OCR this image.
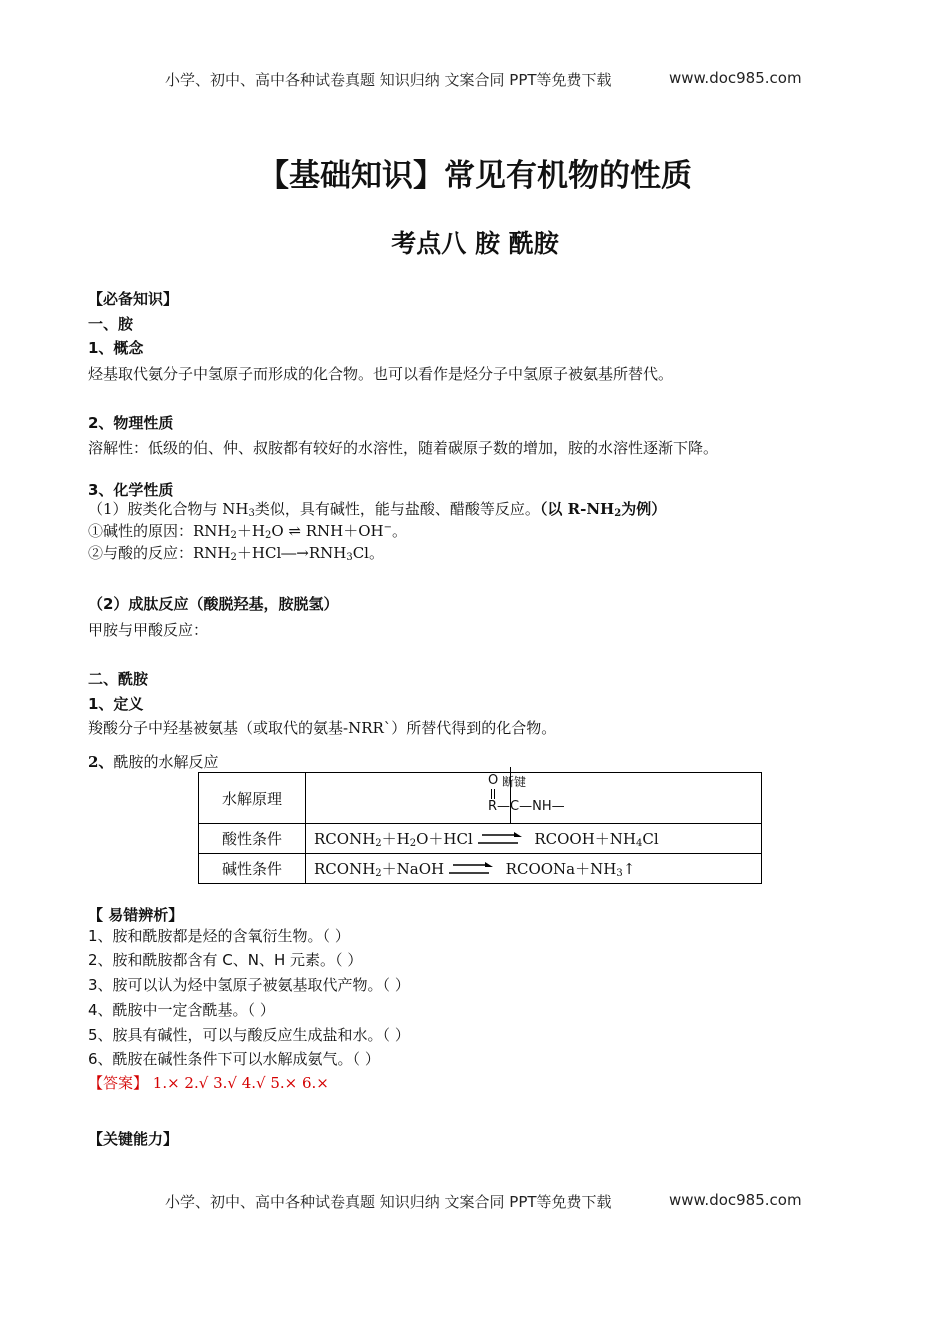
小学、初中、高中各种试卷真题 知识归纳 文案合同 PPT等免费下载	www.doc985.com
【基础知识】常见有机物的性质
考点八 胺 酰胺
【必备知识】
一、胺
1、概念
烃基取代氨分子中氢原子而形成的化合物。也可以看作是烃分子中氢原子被氨基所替代。
2、物理性质
溶解性：低级的伯、仲、叔胺都有较好的水溶性，随着碳原子数的增加，胺的水溶性逐渐下降。
3、化学性质
（1）胺类化合物与 $NH_3$类似，具有碱性，能与盐酸、醋酸等反应。（以 $R-NH_2$为例）
①碱性的原因：$RNH_2+H_2O$ ⇌ RNH＋OH−。
②与酸的反应：$RNH_2+HCl―\to RNH_3Cl$。
（2）成肽反应（酸脱羟基，胺脱氢）
甲胺与甲酸反应：
二、酰胺
1、定义
羧酸分子中羟基被氨基（或取代的氨基-NRR`）所替代得到的化合物。
2、酰胺的水解反应
水解原理	O 断键
R—C—NH—

酸性条件	$RCONH_2+H_2O+HCl$ $RCOOH+NH_4Cl$
碱性条件	$RCONH_2+NaOH$ $RCOONa+NH_3↑$
【 易错辨析】
1、胺和酰胺都是烃的含氧衍生物。（ ）
2、胺和酰胺都含有 C、N、H 元素。（ ）
3、胺可以认为烃中氢原子被氨基取代产物。（ ）
4、酰胺中一定含酰基。（ ）
5、胺具有碱性，可以与酸反应生成盐和水。（ ）
6、酰胺在碱性条件下可以水解成氨气。（ ）
【答案】 1.× 2.√ 3.√ 4.√ 5.× 6.×
【关键能力】
小学、初中、高中各种试卷真题 知识归纳 文案合同 PPT等免费下载	www.doc985.com
